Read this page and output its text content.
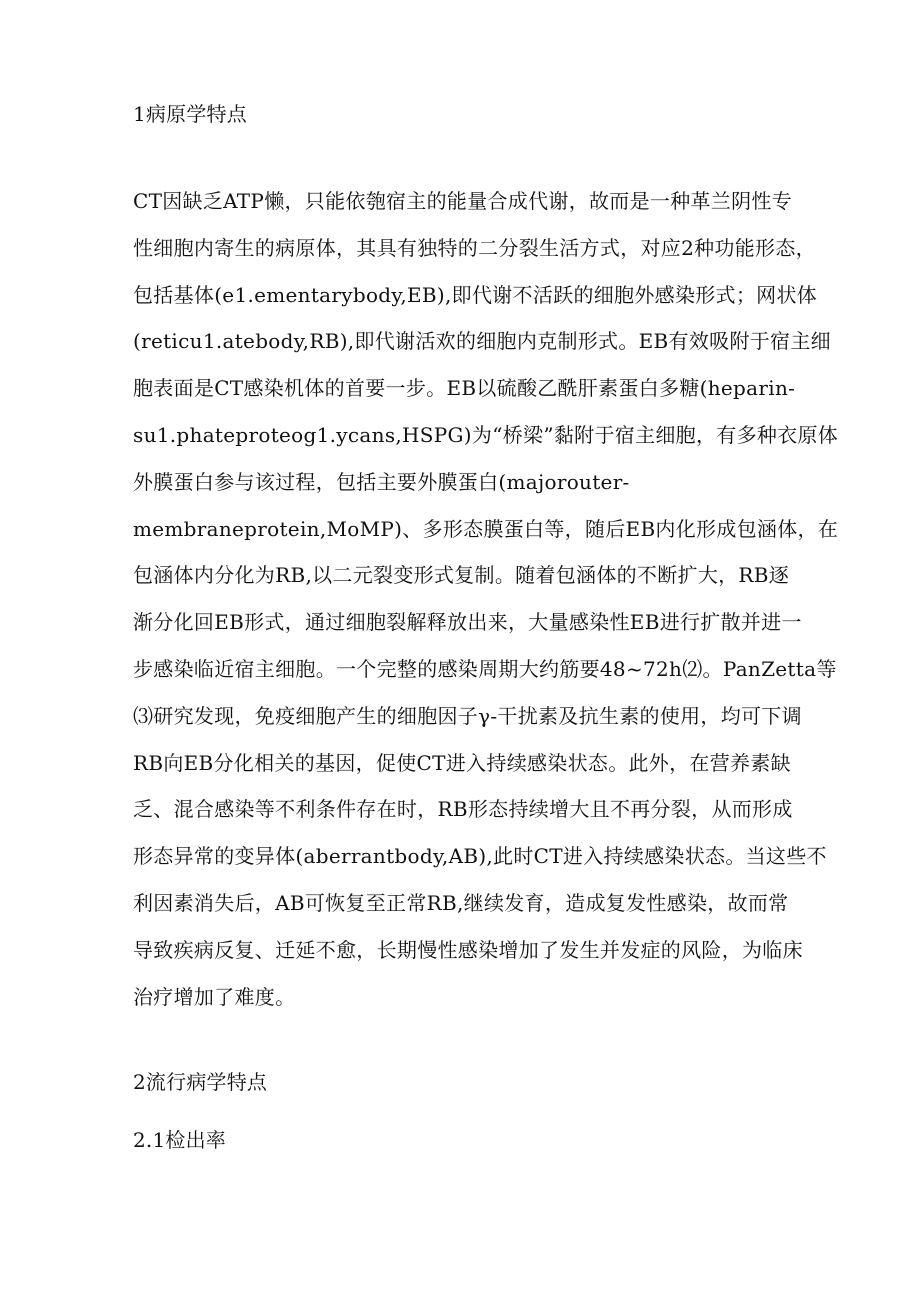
1病原学特点
CT因缺乏ATP懒，只能依匏宿主的能量合成代谢，故而是一种革兰阴性专
性细胞内寄生的病原体，其具有独特的二分裂生活方式，对应2种功能形态，
包括基体(e1.ementarybody,EB),即代谢不活跃的细胞外感染形式；网状体
(reticu1.atebody,RB),即代谢活欢的细胞内克制形式。EB有效吸附于宿主细
胞表面是CT感染机体的首要一步。EB以硫酸乙酰肝素蛋白多糖(heparin-
su1.phateproteog1.ycans,HSPG)为“桥梁”黏附于宿主细胞，有多种衣原体
外膜蛋白参与该过程，包括主要外膜蛋白(majorouter-
membraneprotein,MoMP)、多形态膜蛋白等，随后EB内化形成包涵体，在
包涵体内分化为RB,以二元裂变形式复制。随着包涵体的不断扩大，RB逐
渐分化回EB形式，通过细胞裂解释放出来，大量感染性EB进行扩散并进一
步感染临近宿主细胞。一个完整的感染周期大约筋要48~72h⑵。PanZetta等
⑶研究发现，免疫细胞产生的细胞因子γ-干扰素及抗生素的使用，均可下调
RB向EB分化相关的基因，促使CT进入持续感染状态。此外，在营养素缺
乏、混合感染等不利条件存在时，RB形态持续增大且不再分裂，从而形成
形态异常的变异体(aberrantbody,AB),此时CT进入持续感染状态。当这些不
利因素消失后，AB可恢复至正常RB,继续发育，造成复发性感染，故而常
导致疾病反复、迁延不愈，长期慢性感染增加了发生并发症的风险，为临床
治疗增加了难度。
2流行病学特点
2.1检出率
